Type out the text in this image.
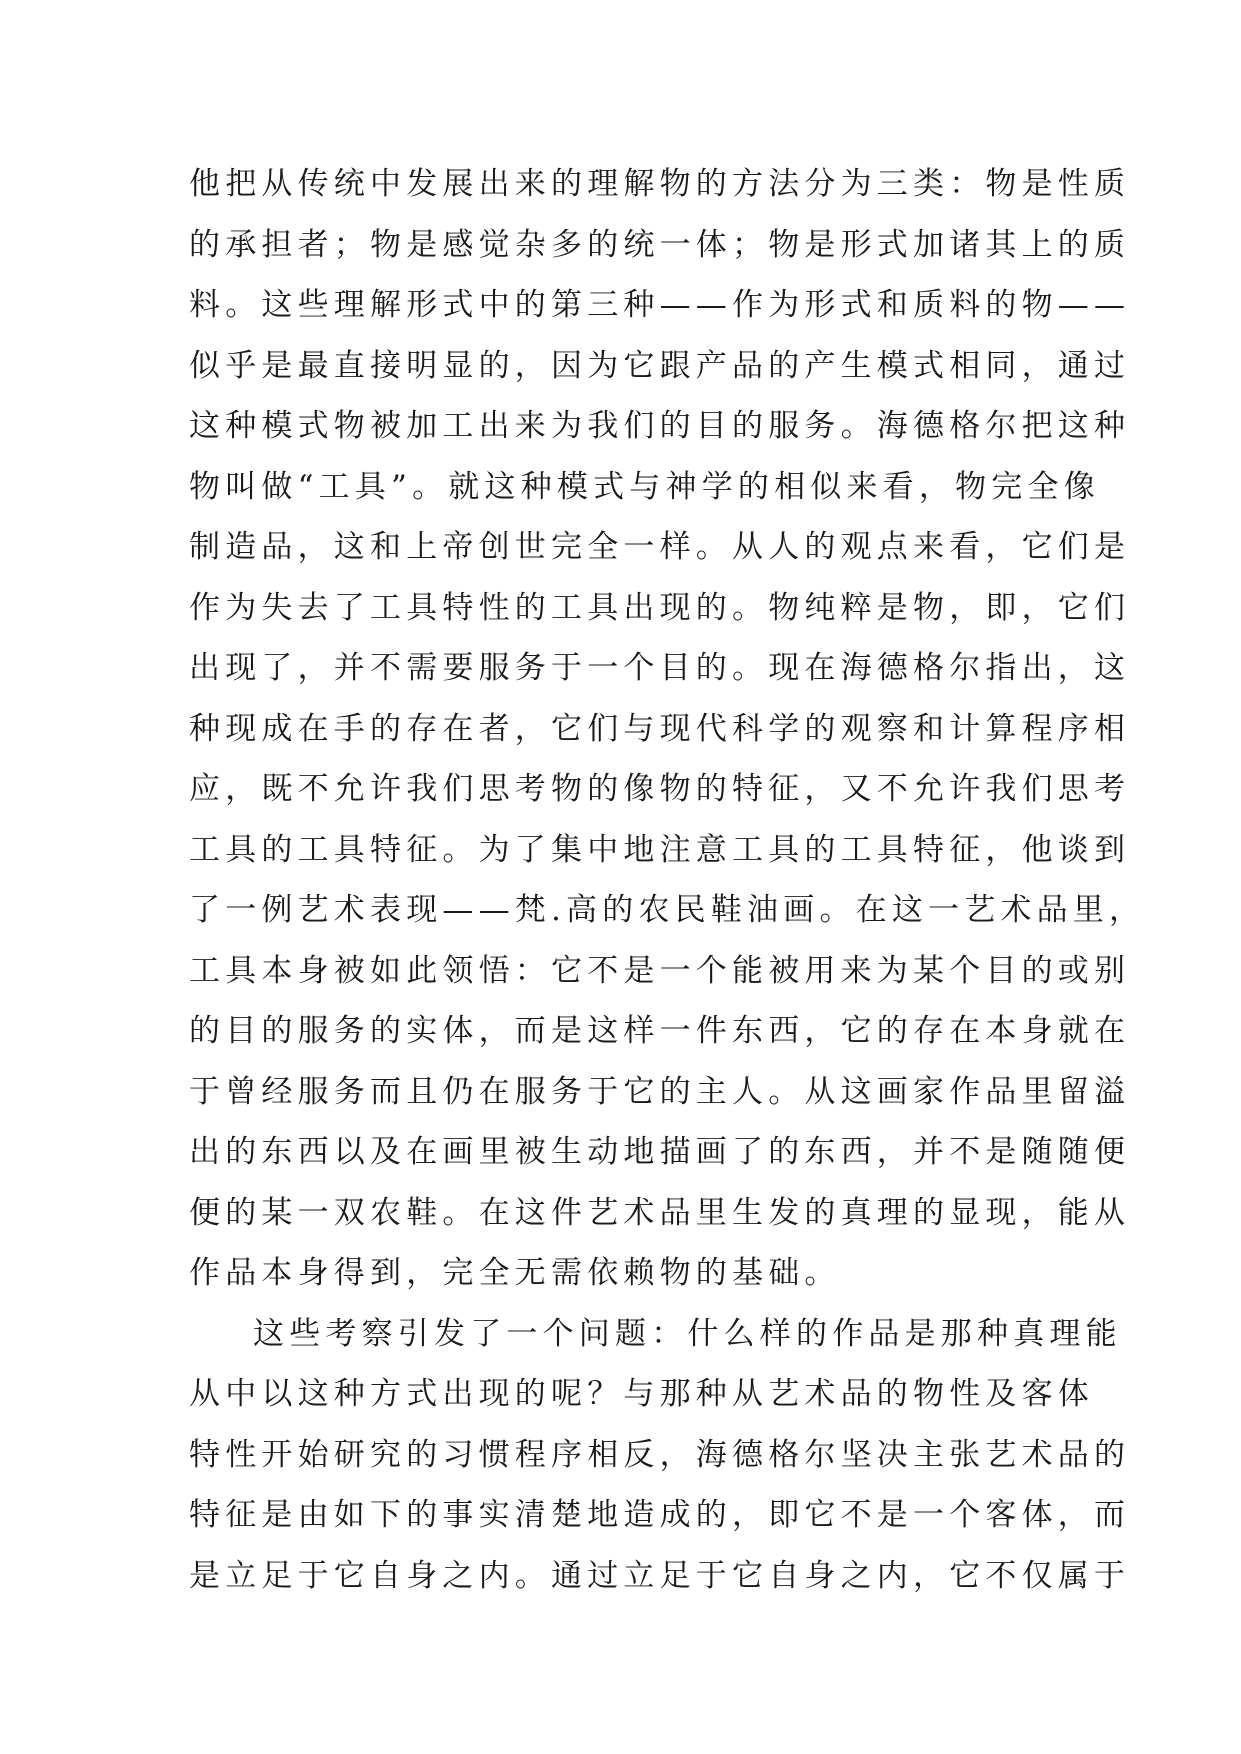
他把从传统中发展出来的理解物的方法分为三类：物是性质
的承担者；物是感觉杂多的统一体；物是形式加诸其上的质
料。这些理解形式中的第三种——作为形式和质料的物——
似乎是最直接明显的，因为它跟产品的产生模式相同，通过
这种模式物被加工出来为我们的目的服务。海德格尔把这种
物叫做“工具”。就这种模式与神学的相似来看，物完全像
制造品，这和上帝创世完全一样。从人的观点来看，它们是
作为失去了工具特性的工具出现的。物纯粹是物，即，它们
出现了，并不需要服务于一个目的。现在海德格尔指出，这
种现成在手的存在者，它们与现代科学的观察和计算程序相
应，既不允许我们思考物的像物的特征，又不允许我们思考
工具的工具特征。为了集中地注意工具的工具特征，他谈到
了一例艺术表现——梵.高的农民鞋油画。在这一艺术品里，
工具本身被如此领悟：它不是一个能被用来为某个目的或别
的目的服务的实体，而是这样一件东西，它的存在本身就在
于曾经服务而且仍在服务于它的主人。从这画家作品里留溢
出的东西以及在画里被生动地描画了的东西，并不是随随便
便的某一双农鞋。在这件艺术品里生发的真理的显现，能从
作品本身得到，完全无需依赖物的基础。
这些考察引发了一个问题：什么样的作品是那种真理能
从中以这种方式出现的呢？与那种从艺术品的物性及客体
特性开始研究的习惯程序相反，海德格尔坚决主张艺术品的
特征是由如下的事实清楚地造成的，即它不是一个客体，而
是立足于它自身之内。通过立足于它自身之内，它不仅属于
